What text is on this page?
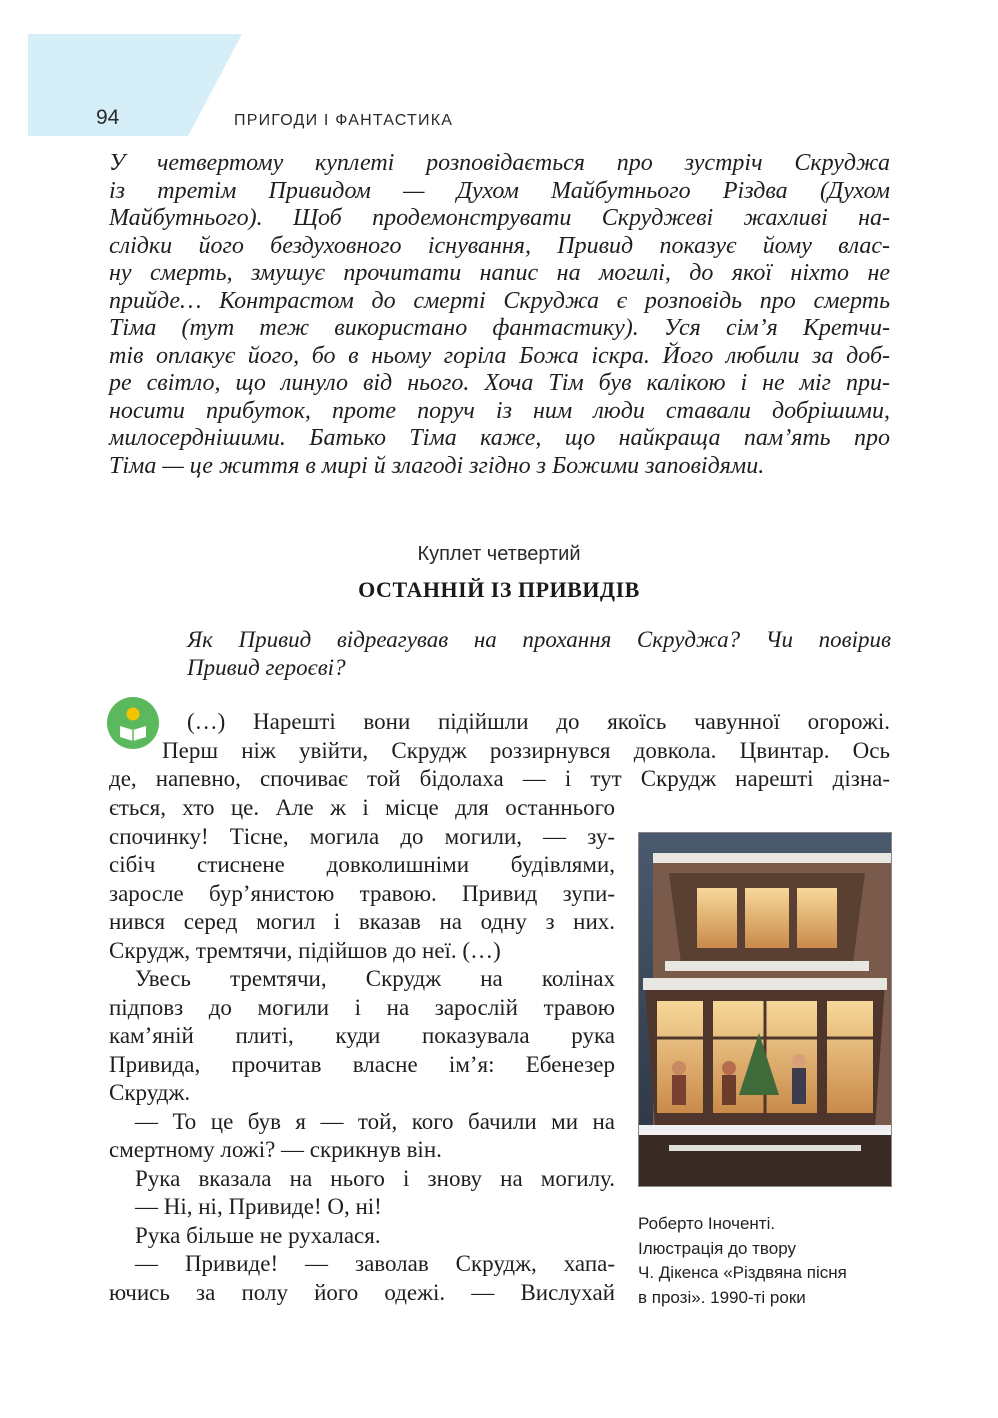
94	ПРИГОДИ І ФАНТАСТИКА
У четвертому куплеті розповідається про зустріч Скруджа
із третім Привидом — Духом Майбутнього Різдва (Духом
Майбутнього). Щоб продемонструвати Скруджеві жахливі на-
слідки його бездуховного існування, Привид показує йому влас-
ну смерть, змушує прочитати напис на могилі, до якої ніхто не
прийде… Контрастом до смерті Скруджа є розповідь про смерть
Тіма (тут теж використано фантастику). Уся сім’я Кретчи-
тів оплакує його, бо в ньому горіла Божа іскра. Його любили за доб-
ре світло, що линуло від нього. Хоча Тім був калікою і не міг при-
носити прибуток, проте поруч із ним люди ставали добрішими,
милосерднішими. Батько Тіма каже, що найкраща пам’ять про
Тіма — це життя в мирі й злагоді згідно з Божими заповідями.
Куплет четвертий
ОСТАННІЙ ІЗ ПРИВИДІВ
Як Привид відреагував на прохання Скруджа? Чи повірив
Привид героєві?
(…) Нарешті вони підійшли до якоїсь чавунної огорожі.
Перш ніж увійти, Скрудж роззирнувся довкола. Цвинтар. Ось
де, напевно, спочиває той бідолаха — і тут Скрудж нарешті дізна-
ється, хто це. Але ж і місце для останнього
спочинку! Тісне, могила до могили, — зу-
сібіч стиснене довколишніми будівлями,
заросле бур’янистою травою. Привид зупи-
нився серед могил і вказав на одну з них.
Скрудж, тремтячи, підійшов до неї. (…)
Увесь тремтячи, Скрудж на колінах
підповз до могили і на зарослій травою
кам’яній плиті, куди показувала рука
Привида, прочитав власне ім’я: Ебенезер
Скрудж.
— То це був я — той, кого бачили ми на
смертному ложі? — скрикнув він.
Рука вказала на нього і знову на могилу.
— Ні, ні, Привиде! О, ні!
Рука більше не рухалася.
— Привиде! — заволав Скрудж, хапа-
ючись за полу його одежі. — Вислухай
Роберто Іноченті.
Ілюстрація до твору
Ч. Дікенса «Різдвяна пісня
в прозі». 1990-ті роки
